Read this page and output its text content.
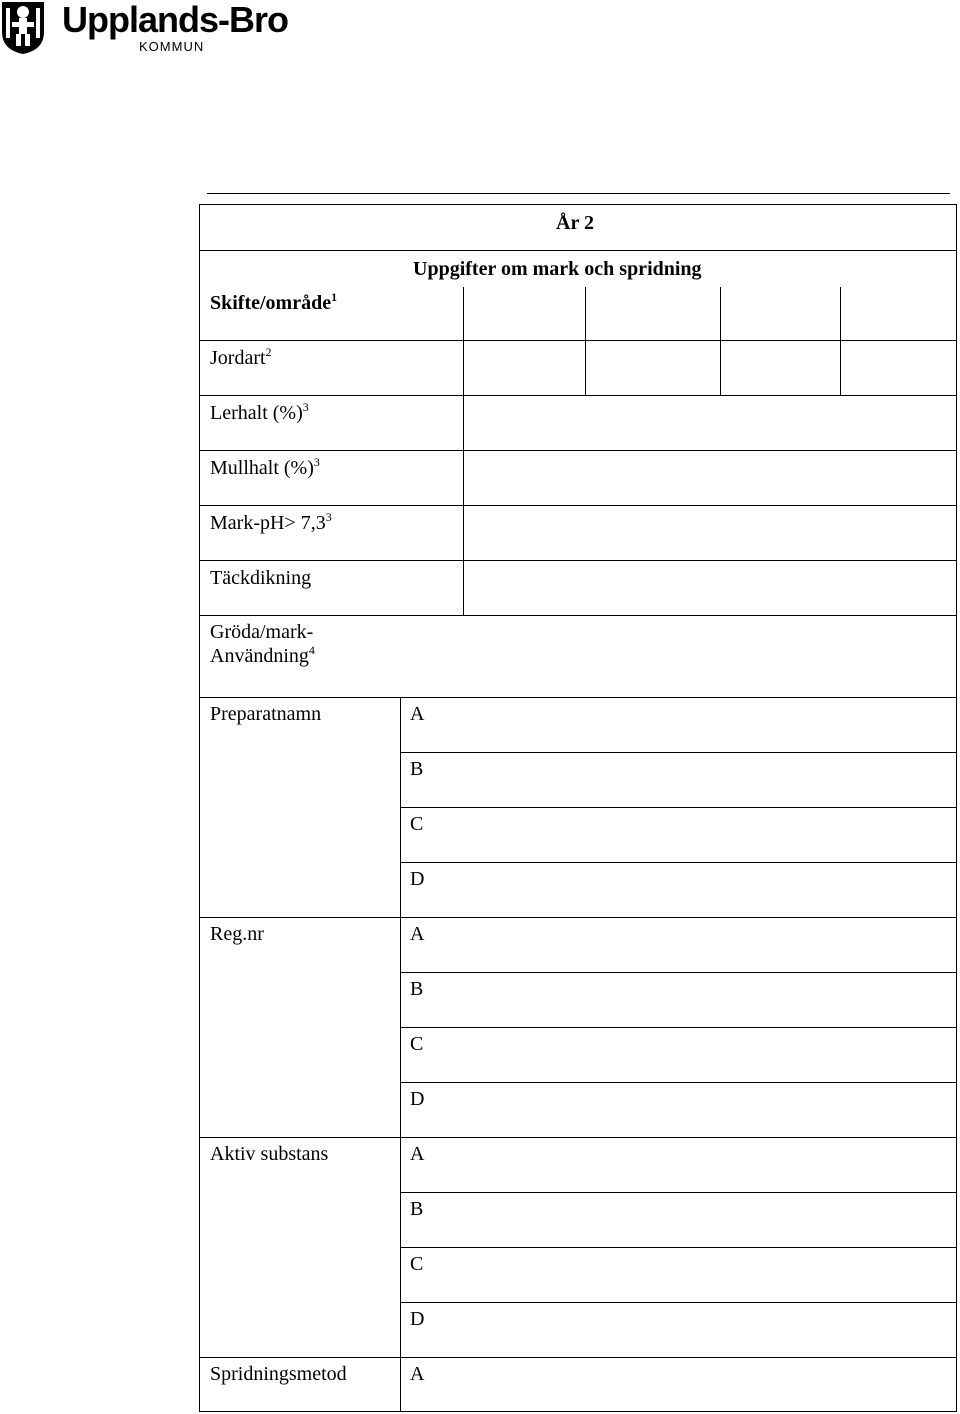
Upplands-Bro
KOMMUN
År 2
Uppgifter om mark och spridning
Skifte/område$^1$
Jordart$^2$
Lerhalt (%)$^3$
Mullhalt (%)$^3$
Mark-pH> $7,3^3$
Täckdikning
Gröda/mark-
Användning$^4$
Preparatnamn	A
B
C
D
Reg.nr	A
B
C
D
Aktiv substans	A
B
C
D
Spridningsmetod	A
